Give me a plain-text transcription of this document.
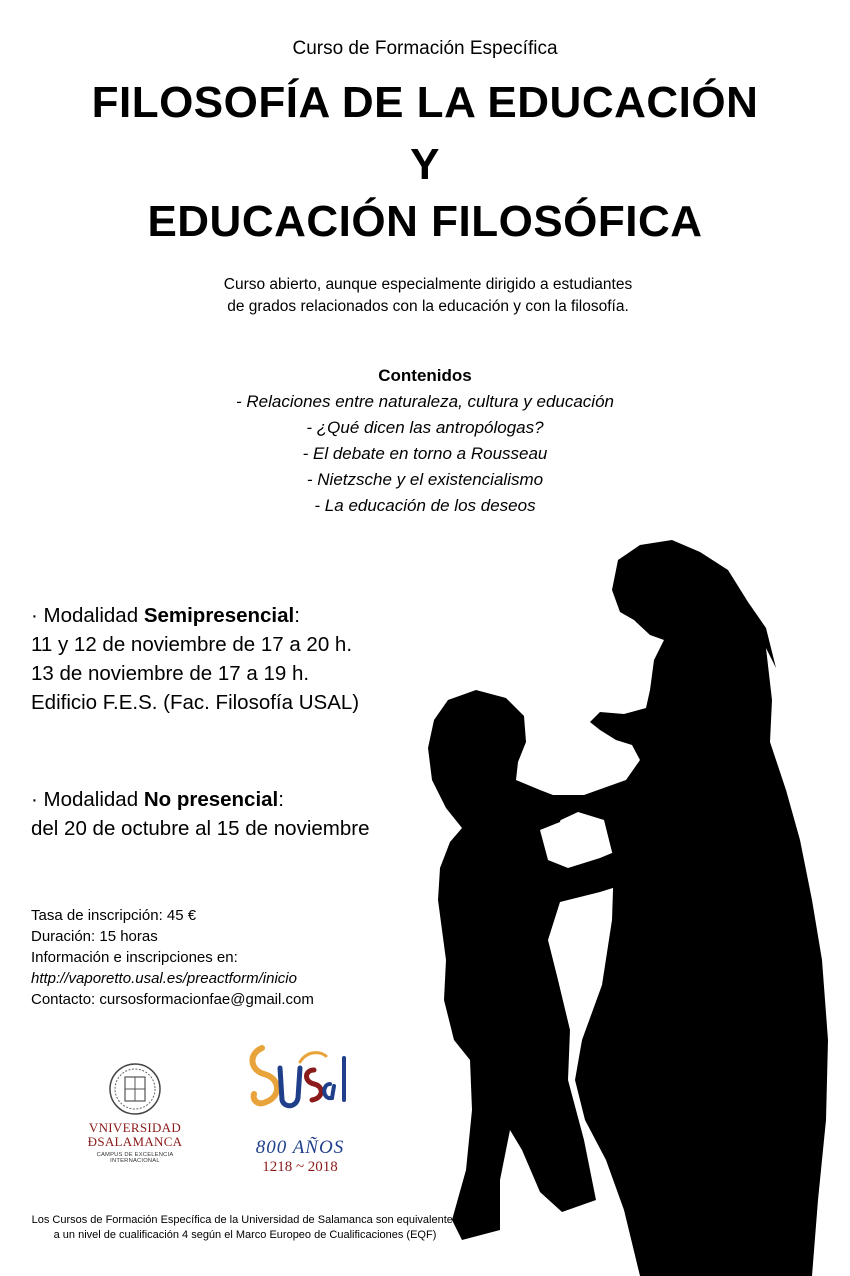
Curso de Formación Específica
FILOSOFÍA DE LA EDUCACIÓN
Y
EDUCACIÓN FILOSÓFICA
Curso abierto, aunque especialmente dirigido a estudiantes
de grados relacionados con la educación y con la filosofía.
Contenidos
- Relaciones entre naturaleza, cultura y educación
- ¿Qué dicen las antropólogas?
- El debate en torno a Rousseau
- Nietzsche y el existencialismo
- La educación de los deseos
· Modalidad Semipresencial:
11 y 12 de noviembre de 17 a 20 h.
13 de noviembre de 17 a 19 h.
Edificio F.E.S. (Fac. Filosofía USAL)
· Modalidad No presencial:
del 20 de octubre al 15 de noviembre
Tasa de inscripción: 45 €
Duración: 15 horas
Información e inscripciones en:
http://vaporetto.usal.es/preactform/inicio
Contacto: cursosformacionfae@gmail.com
VNIVERSIDAD
ÐSALAMANCA
CAMPUS DE EXCELENCIA INTERNACIONAL
800 AÑOS
1218 ~ 2018
Los Cursos de Formación Específica de la Universidad de Salamanca son equivalentes
a un nivel de cualificación 4 según el Marco Europeo de Cualificaciones (EQF)
